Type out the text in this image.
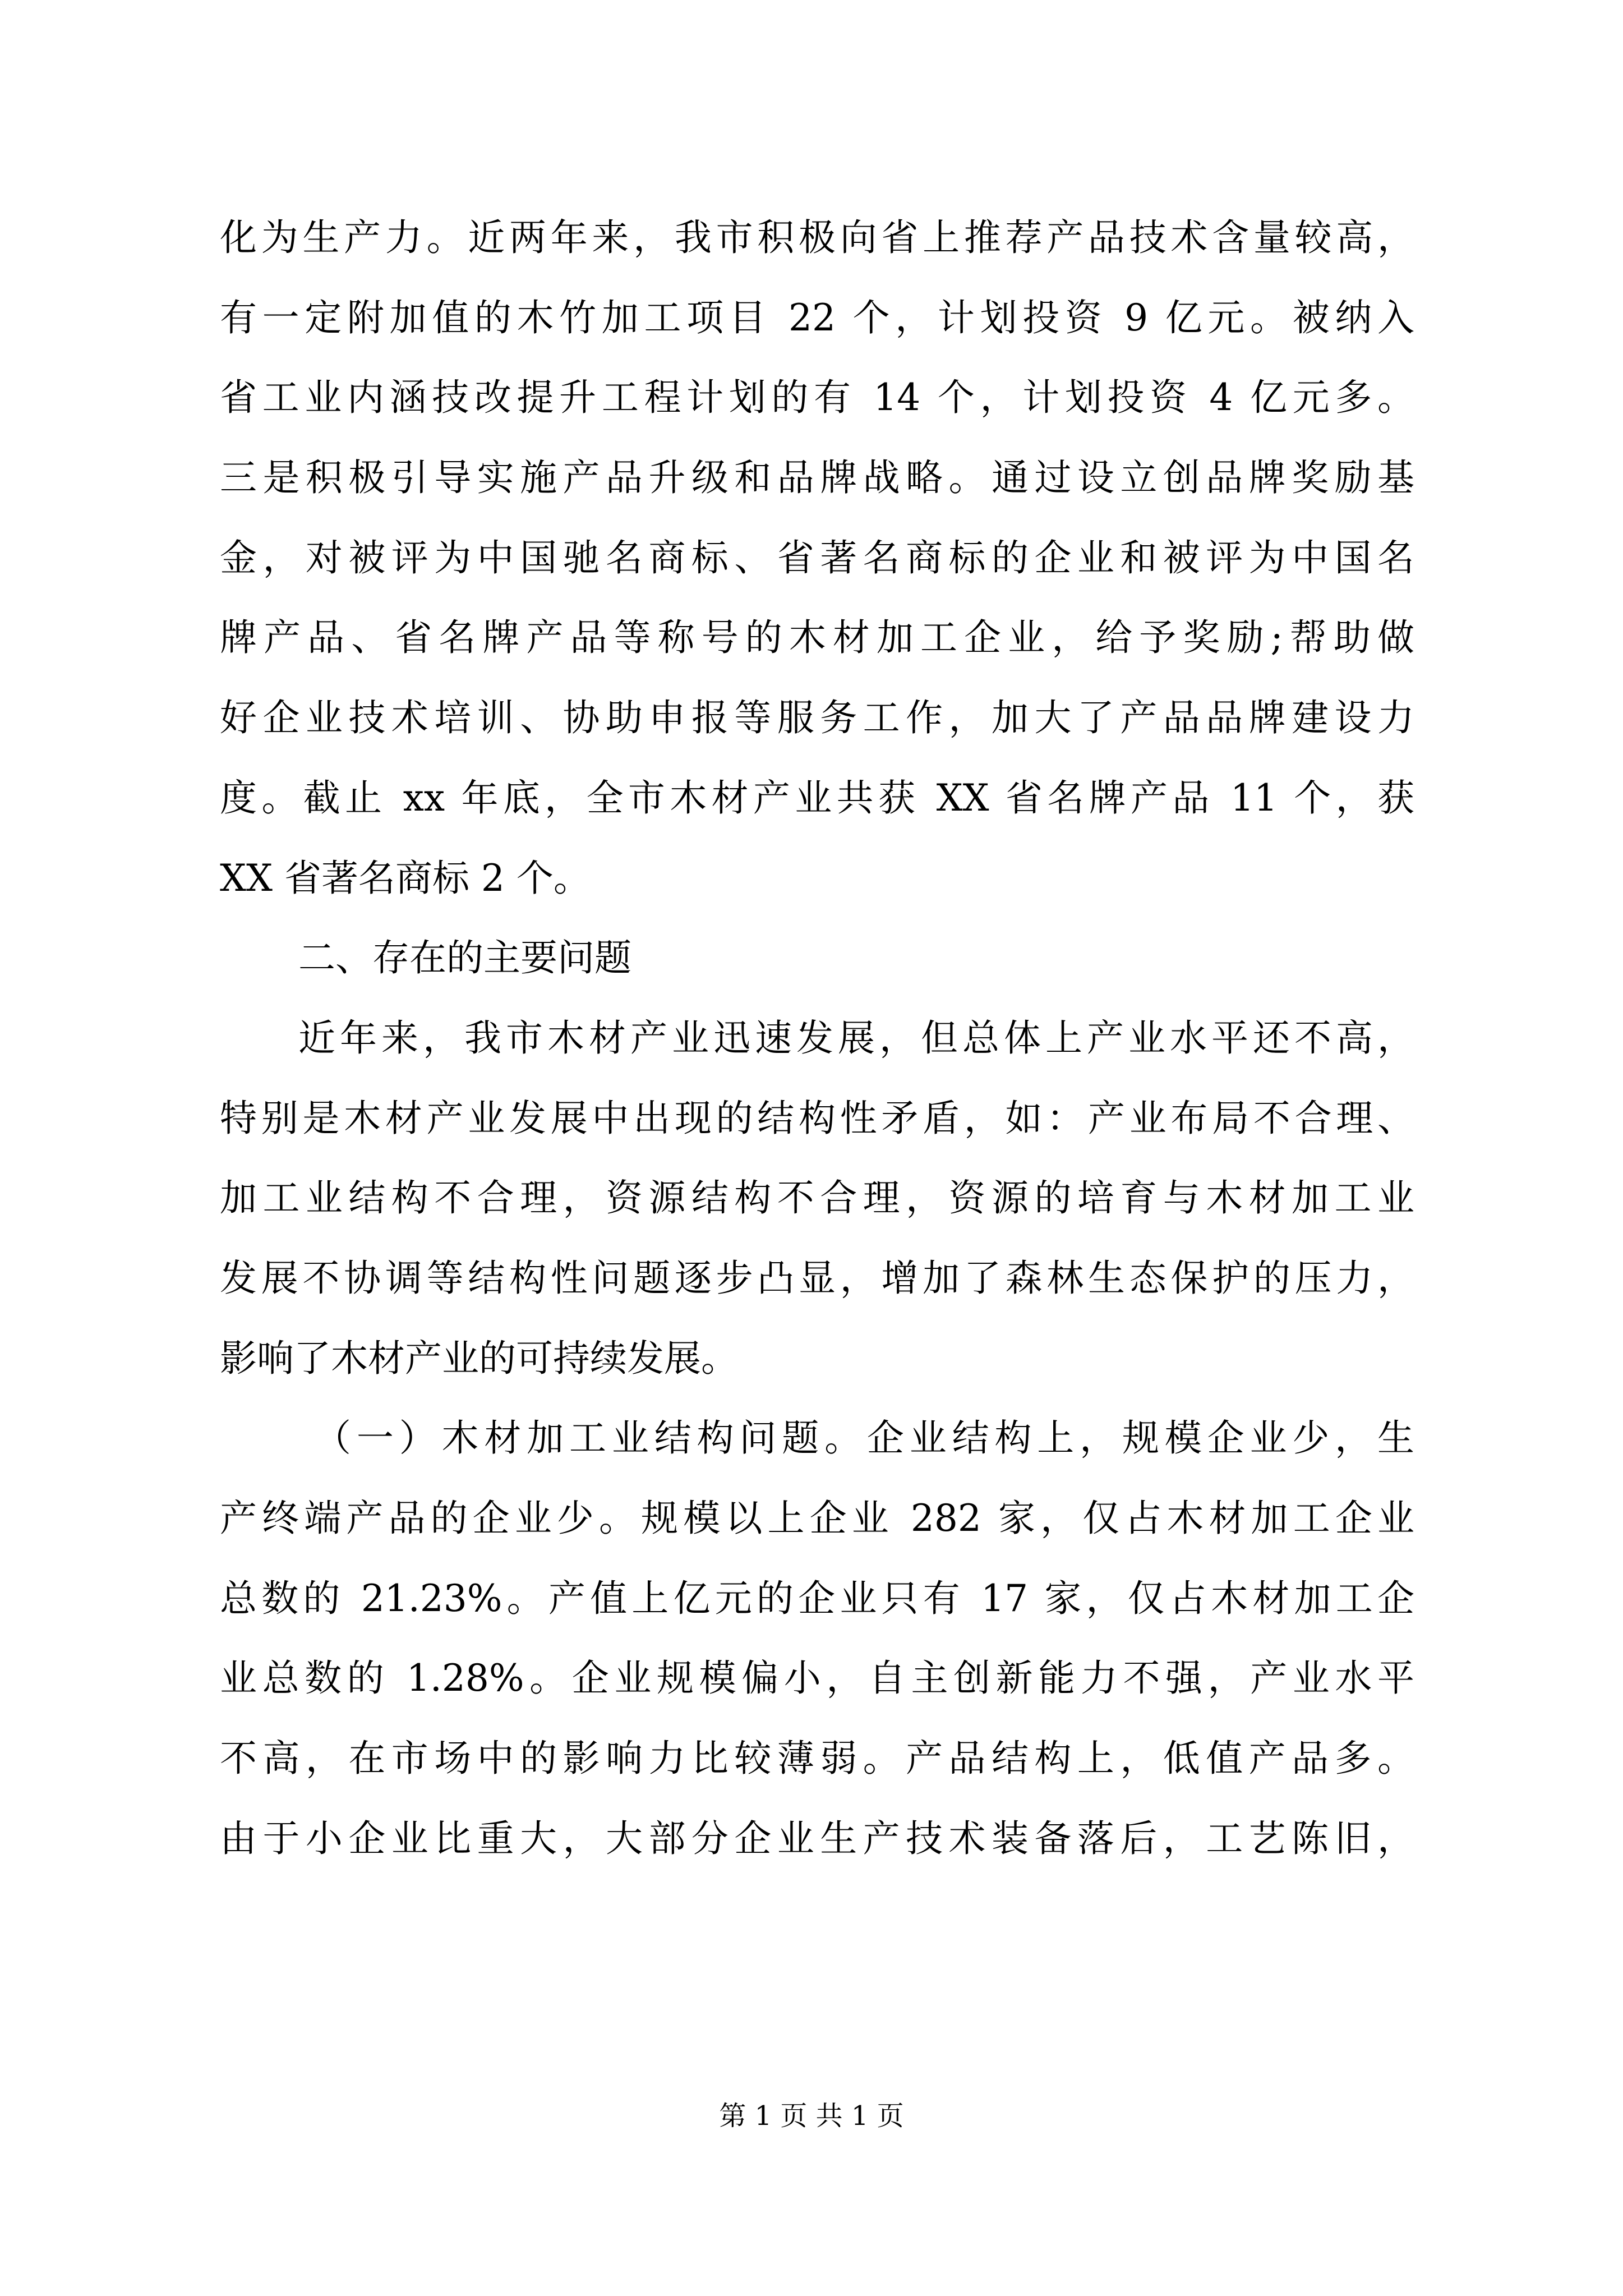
化为生产力。近两年来，我市积极向省上推荐产品技术含量较高，
有一定附加值的木竹加工项目 22 个，计划投资 9 亿元。被纳入
省工业内涵技改提升工程计划的有 14 个，计划投资 4 亿元多。
三是积极引导实施产品升级和品牌战略。通过设立创品牌奖励基
金，对被评为中国驰名商标、省著名商标的企业和被评为中国名
牌产品、省名牌产品等称号的木材加工企业，给予奖励;帮助做
好企业技术培训、协助申报等服务工作，加大了产品品牌建设力
度。截止 xx 年底，全市木材产业共获 XX 省名牌产品 11 个，获
XX 省著名商标 2 个。
二、存在的主要问题
近年来，我市木材产业迅速发展，但总体上产业水平还不高，
特别是木材产业发展中出现的结构性矛盾，如：产业布局不合理、
加工业结构不合理，资源结构不合理，资源的培育与木材加工业
发展不协调等结构性问题逐步凸显，增加了森林生态保护的压力，
影响了木材产业的可持续发展。
（一）木材加工业结构问题。企业结构上，规模企业少，生
产终端产品的企业少。规模以上企业 282 家，仅占木材加工企业
总数的 21.23%。产值上亿元的企业只有 17 家，仅占木材加工企
业总数的 1.28%。企业规模偏小，自主创新能力不强，产业水平
不高，在市场中的影响力比较薄弱。产品结构上，低值产品多。
由于小企业比重大，大部分企业生产技术装备落后，工艺陈旧，
第 1 页 共 1 页
